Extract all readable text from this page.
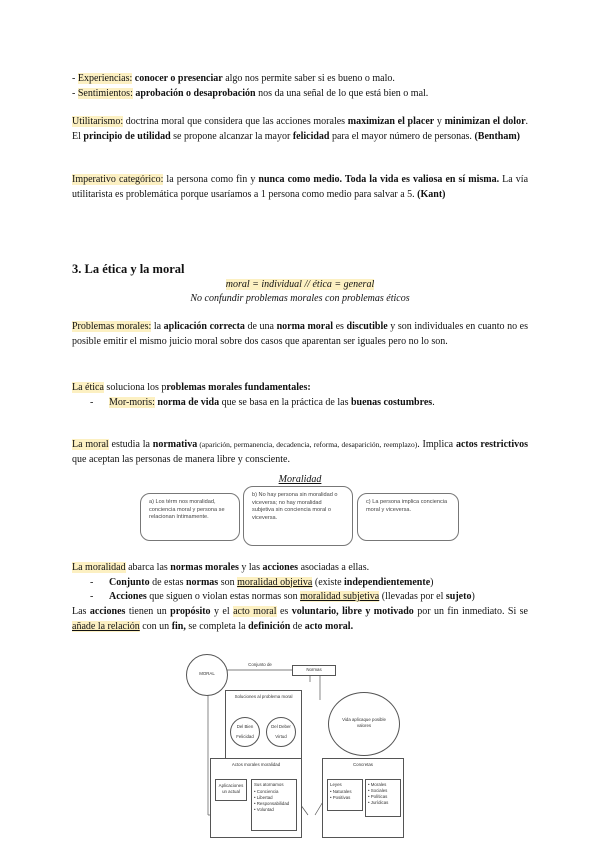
- Experiencias: conocer o presenciar algo nos permite saber si es bueno o malo.
- Sentimientos: aprobación o desaprobación nos da una señal de lo que está bien o mal.
Utilitarismo: doctrina moral que considera que las acciones morales maximizan el placer y minimizan el dolor. El principio de utilidad se propone alcanzar la mayor felicidad para el mayor número de personas. (Bentham)
Imperativo categórico: la persona como fin y nunca como medio. Toda la vida es valiosa en sí misma. La vía utilitarista es problemática porque usaríamos a 1 persona como medio para salvar a 5. (Kant)
3. La ética y la moral
moral = individual // ética = general
No confundir problemas morales con problemas éticos
Problemas morales: la aplicación correcta de una norma moral es discutible y son individuales en cuanto no es posible emitir el mismo juicio moral sobre dos casos que aparentan ser iguales pero no lo son.
La ética soluciona los problemas morales fundamentales:
- Mor-moris: norma de vida que se basa en la práctica de las buenas costumbres.
La moral estudia la normativa (aparición, permanencia, decadencia, reforma, desaparición, reemplazo). Implica actos restrictivos que aceptan las personas de manera libre y consciente.
Moralidad
a) Los térm nos moralidad, conciencia moral y persona se relacionan íntimamente.
b) No hay persona sin moralidad o viceversa; no hay moralidad subjetiva sin conciencia moral o viceversa.
c) La persona implica conciencia moral y viceversa.
La moralidad abarca las normas morales y las acciones asociadas a ellas.
- Conjunto de estas normas son moralidad objetiva (existe independientemente)
- Acciones que siguen o violan estas normas son moralidad subjetiva (llevadas por el sujeto)
Las acciones tienen un propósito y el acto moral es voluntario, libre y motivado por un fin inmediato. Si se añade la relación con un fin, se completa la definición de acto moral.
MORAL
Conjunto de
Normas
Soluciones al problema moral
Del Bien
Felicidad
Del Deber
Virtud
Vida aplicaque posible valores
Actos morales moralidad
Aplicaciones un actual
Sus atornamos
• Conciencia
• Libertad
• Responsabilidad
• Voluntad
Concretas
Leyes
• Naturales
• Positivas
• Morales
• Sociales
• Políticas
• Jurídicas
